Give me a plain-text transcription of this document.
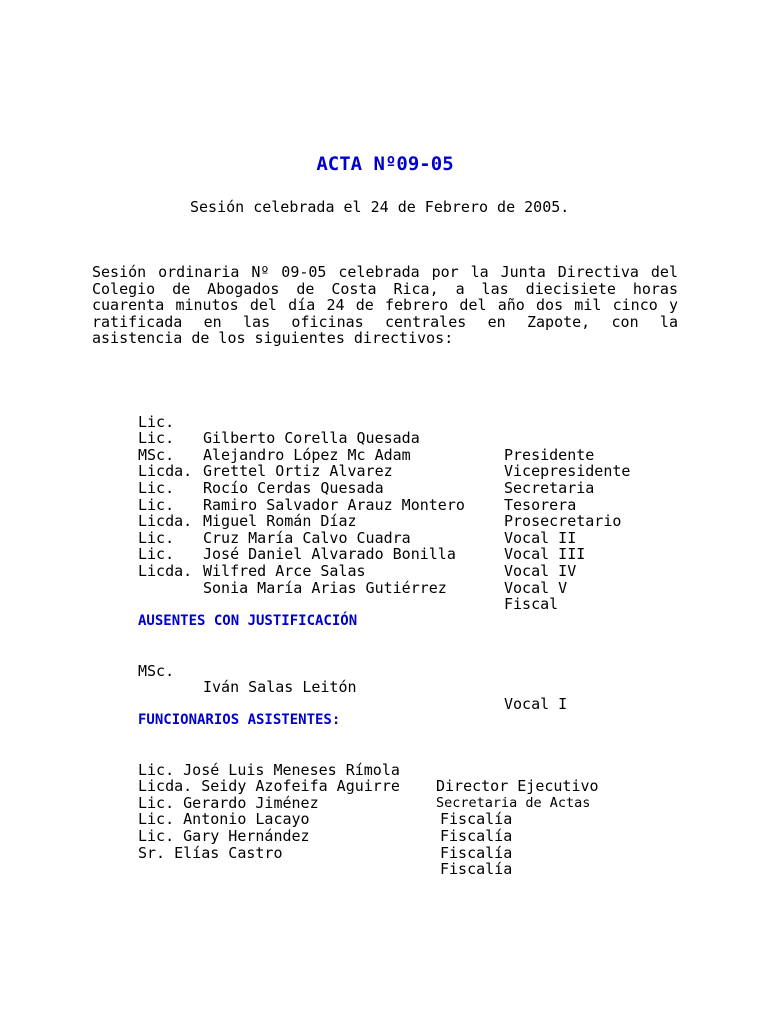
ACTA Nº09-05
Sesión celebrada el 24 de Febrero de 2005.
Sesión ordinaria Nº 09-05 celebrada por la Junta Directiva del
Colegio de Abogados de Costa Rica, a las diecisiete horas
cuarenta minutos del día 24 de febrero del año dos mil cinco y
ratificada en las oficinas centrales en Zapote, con la
asistencia de los siguientes directivos:

Lic.

Gilberto Corella Quesada

Presidente

Lic.

Alejandro López Mc Adam

Vicepresidente

MSc.

Grettel Ortiz Alvarez

Secretaria

Licda.

Rocío Cerdas Quesada

Tesorera

Lic.

Ramiro Salvador Arauz Montero

Prosecretario

Lic.

Miguel Román Díaz

Vocal II

Licda.

Cruz María Calvo Cuadra

Vocal III

Lic.

José Daniel Alvarado Bonilla

Vocal IV

Lic.

Wilfred Arce Salas

Vocal V

Licda.

Sonia María Arias Gutiérrez

Fiscal

AUSENTES CON JUSTIFICACIÓN

MSc.

Iván Salas Leitón

Vocal I

FUNCIONARIOS ASISTENTES:

Lic. José Luis Meneses Rímola

Director Ejecutivo

Licda. Seidy Azofeifa Aguirre

Secretaria de Actas

Lic. Gerardo Jiménez

Fiscalía

Lic. Antonio Lacayo

Fiscalía

Lic. Gary Hernández

Fiscalía

Sr. Elías Castro

Fiscalía
